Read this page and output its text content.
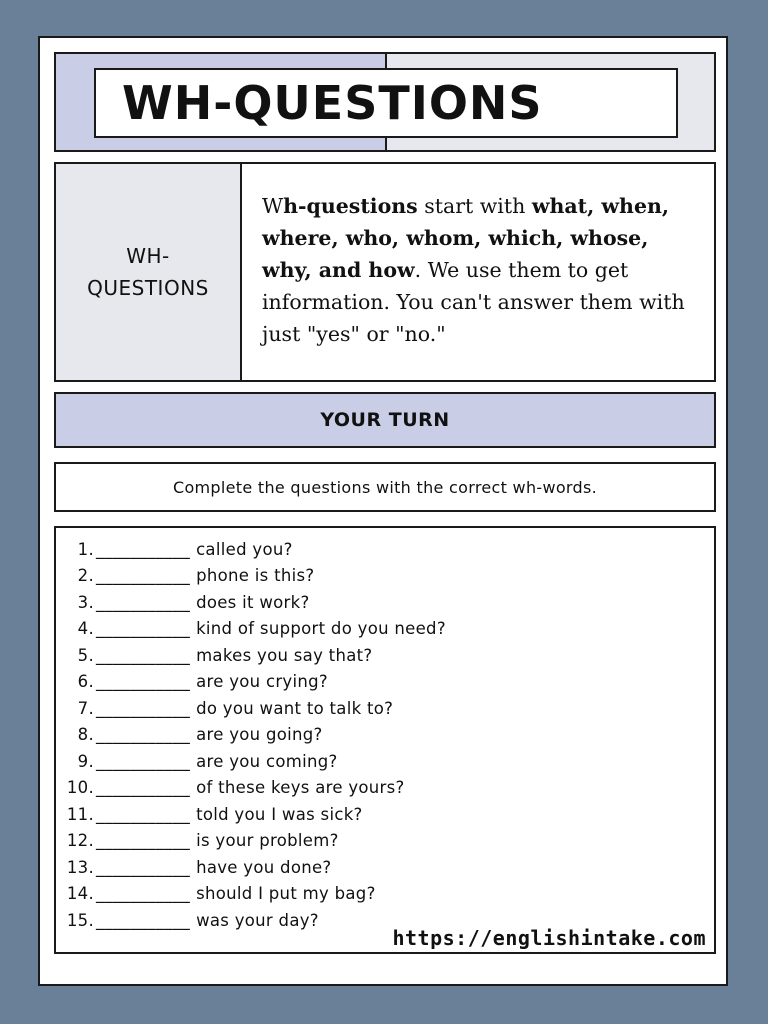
WH-QUESTIONS
WH-
QUESTIONS
Wh-questions start with what, when, where, who, whom, which, whose, why, and how. We use them to get information. You can't answer them with just "yes" or "no."
YOUR TURN
Complete the questions with the correct wh-words.
1. ___________ called you?
2. ___________ phone is this?
3. ___________ does it work?
4. ___________ kind of support do you need?
5. ___________ makes you say that?
6. ___________ are you crying?
7. ___________ do you want to talk to?
8. ___________ are you going?
9. ___________ are you coming?
10. ___________ of these keys are yours?
11. ___________ told you I was sick?
12. ___________ is your problem?
13. ___________ have you done?
14. ___________ should I put my bag?
15. ___________ was your day?
https://englishintake.com
